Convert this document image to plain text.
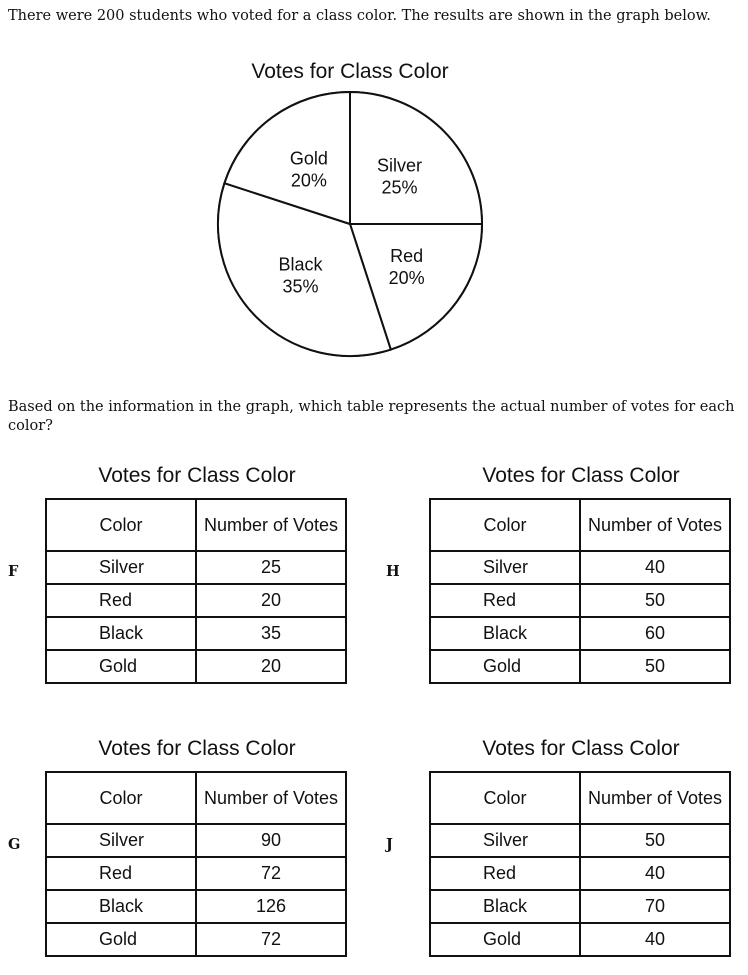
There were 200 students who voted for a class color. The results are shown in the graph below.
Votes for Class Color
Silver
25%
Red
20%
Black
35%
Gold
20%
Based on the information in the graph, which table represents the actual number of votes for each color?
Votes for Class Color
F
Color	Number of Votes
Silver	25
Red	20
Black	35
Gold	20
Votes for Class Color
H
Color	Number of Votes
Silver	40
Red	50
Black	60
Gold	50
Votes for Class Color
G
Color	Number of Votes
Silver	90
Red	72
Black	126
Gold	72
Votes for Class Color
J
Color	Number of Votes
Silver	50
Red	40
Black	70
Gold	40
